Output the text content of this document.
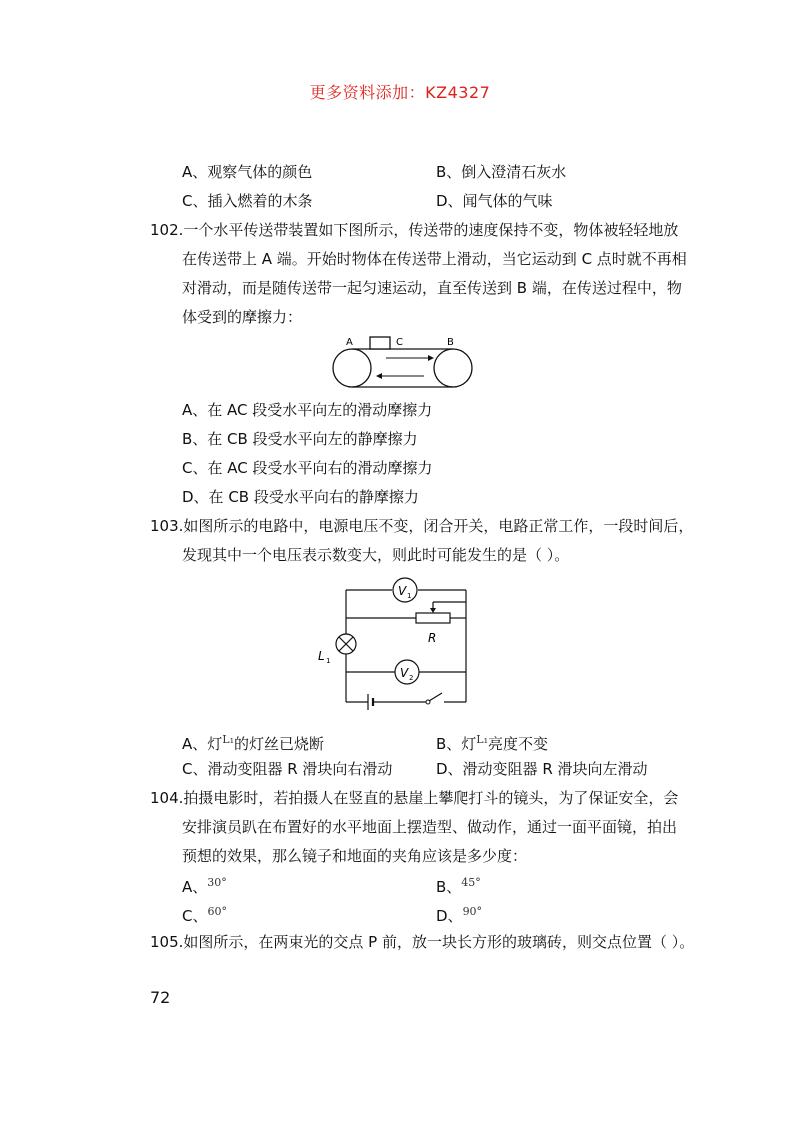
更多资料添加：KZ4327
A、观察气体的颜色	B、倒入澄清石灰水
C、插入燃着的木条	D、闻气体的气味
102.一个水平传送带装置如下图所示，传送带的速度保持不变，物体被轻轻地放
在传送带上 A 端。开始时物体在传送带上滑动，当它运动到 C 点时就不再相
对滑动，而是随传送带一起匀速运动，直至传送到 B 端，在传送过程中，物
体受到的摩擦力：
A	B
C
A、在 AC 段受水平向左的滑动摩擦力
B、在 CB 段受水平向左的静摩擦力
C、在 AC 段受水平向右的滑动摩擦力
D、在 CB 段受水平向右的静摩擦力
103.如图所示的电路中，电源电压不变，闭合开关，电路正常工作，一段时间后，
发现其中一个电压表示数变大，则此时可能发生的是（ ）。
V 1
R
L 1
V 2
A、灯$^{L_1}$的灯丝已烧断	B、灯$^{L_1}$亮度不变
C、滑动变阻器 R 滑块向右滑动	D、滑动变阻器 R 滑块向左滑动
104.拍摄电影时，若拍摄人在竖直的悬崖上攀爬打斗的镜头，为了保证安全，会
安排演员趴在布置好的水平地面上摆造型、做动作，通过一面平面镜，拍出
预想的效果，那么镜子和地面的夹角应该是多少度：
A、$^{30^\circ}$	B、$^{45^\circ}$
C、$^{60^\circ}$	D、$^{90^\circ}$
105.如图所示，在两束光的交点 P 前，放一块长方形的玻璃砖，则交点位置（ ）。
72
